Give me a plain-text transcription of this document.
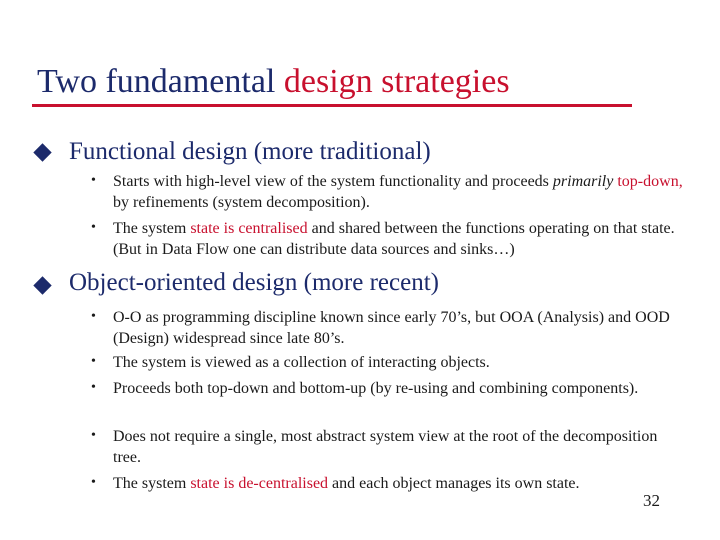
Two fundamental design strategies
Functional design (more traditional)
• Starts with high-level view of the system functionality and proceeds primarily top-down, by refinements (system decomposition).
• The system state is centralised and shared between the functions operating on that state. (But in Data Flow one can distribute data sources and sinks…)
Object-oriented design (more recent)
• O-O as programming discipline known since early 70’s, but OOA (Analysis) and OOD (Design) widespread since late 80’s.
• The system is viewed as a collection of interacting objects.
• Proceeds both top-down and bottom-up (by re-using and combining components).
• Does not require a single, most abstract system view at the root of the decomposition tree.
• The system state is de-centralised and each object manages its own state.
32
